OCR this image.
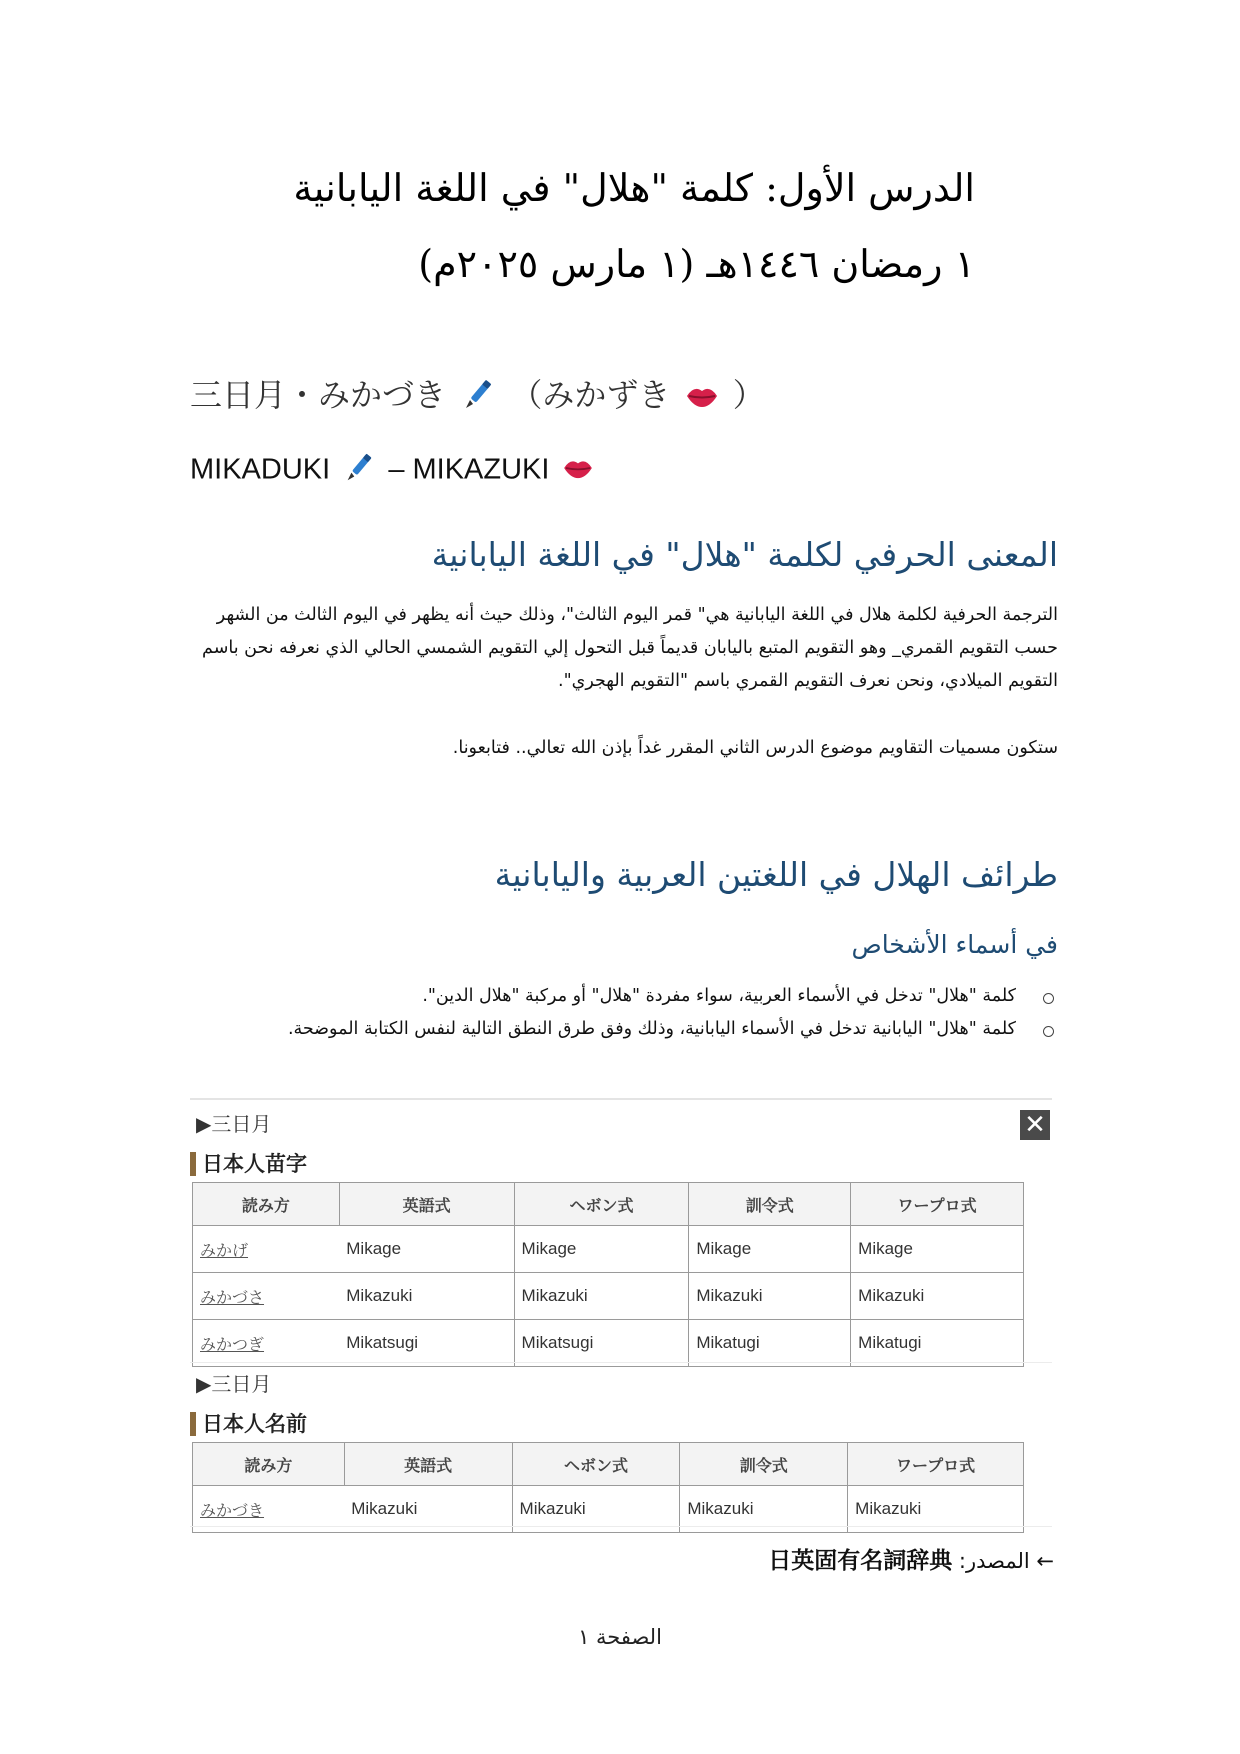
الدرس الأول: كلمة "هلال" في اللغة اليابانية
١ رمضان ١٤٤٦هـ (١ مارس ٢٠٢٥م)
三日月・みかづき （みかずき ）
MIKADUKI – MIKAZUKI
المعنى الحرفي لكلمة "هلال" في اللغة اليابانية

الترجمة الحرفية لكلمة هلال في اللغة اليابانية هي" قمر اليوم الثالث"، وذلك حيث أنه يظهر في اليوم الثالث من الشهر حسب التقويم القمري_ وهو التقويم المتبع باليابان قديماً قبل التحول إلي التقويم الشمسي الحالي الذي نعرفه نحن باسم التقويم الميلادي، ونحن نعرف التقويم القمري باسم "التقويم الهجري".

ستكون مسميات التقاويم موضوع الدرس الثاني المقرر غداً بإذن الله تعالي.. فتابعونا.

طرائف الهلال في اللغتين العربية واليابانية
في أسماء الأشخاص
كلمة "هلال" تدخل في الأسماء العربية، سواء مفردة "هلال" أو مركبة "هلال الدين".
كلمة "هلال" اليابانية تدخل في الأسماء اليابانية، وذلك وفق طرق النطق التالية لنفس الكتابة الموضحة.
▶三日月	✕
日本人苗字
読み方	英語式	ヘボン式	訓令式	ワープロ式
みかげ	Mikage	Mikage	Mikage	Mikage
みかづさ	Mikazuki	Mikazuki	Mikazuki	Mikazuki
みかつぎ	Mikatsugi	Mikatsugi	Mikatugi	Mikatugi
▶三日月
日本人名前
読み方	英語式	ヘボン式	訓令式	ワープロ式
みかづき	Mikazuki	Mikazuki	Mikazuki	Mikazuki
← المصدر: 日英固有名詞辞典
الصفحة ١
